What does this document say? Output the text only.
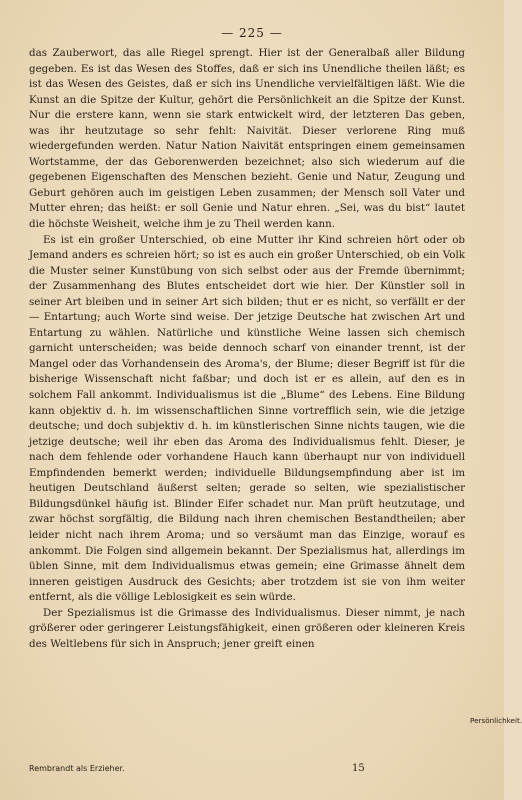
— 225 —

das Zauberwort, das alle Riegel sprengt. Hier ist der Generalbaß aller Bildung gegeben. Es ist das Wesen des Stoffes, daß er sich ins Unendliche theilen läßt; es ist das Wesen des Geistes, daß er sich ins Unendliche vervielfältigen läßt. Wie die Kunst an die Spitze der Kultur, gehört die Persönlichkeit an die Spitze der Kunst. Nur die erstere kann, wenn sie stark entwickelt wird, der letzteren Das geben, was ihr heutzutage so sehr fehlt: Naivität. Dieser verlorene Ring muß wiedergefunden werden. Natur Nation Naivität entspringen einem gemeinsamen Wortstamme, der das Geborenwerden bezeichnet; also sich wiederum auf die gegebenen Eigenschaften des Menschen bezieht. Genie und Natur, Zeugung und Geburt gehören auch im geistigen Leben zusammen; der Mensch soll Vater und Mutter ehren; das heißt: er soll Genie und Natur ehren. „Sei, was du bist“ lautet die höchste Weisheit, welche ihm je zu Theil werden kann.

Es ist ein großer Unterschied, ob eine Mutter ihr Kind schreien hört oder ob Jemand anders es schreien hört; so ist es auch ein großer Unterschied, ob ein Volk die Muster seiner Kunstübung von sich selbst oder aus der Fremde übernimmt; der Zusammenhang des Blutes entscheidet dort wie hier. Der Künstler soll in seiner Art bleiben und in seiner Art sich bilden; thut er es nicht, so verfällt er der — Entartung; auch Worte sind weise. Der jetzige Deutsche hat zwischen Art und Entartung zu wählen. Natürliche und künstliche Weine lassen sich chemisch garnicht unterscheiden; was beide dennoch scharf von einander trennt, ist der Mangel oder das Vorhandensein des Aroma's, der Blume; dieser Begriff ist für die bisherige Wissenschaft nicht faßbar; und doch ist er es allein, auf den es in solchem Fall ankommt. Individualismus ist die „Blume“ des Lebens. Eine Bildung kann objektiv d. h. im wissenschaftlichen Sinne vortrefflich sein, wie die jetzige deutsche; und doch subjektiv d. h. im künstlerischen Sinne nichts taugen, wie die jetzige deutsche; weil ihr eben das Aroma des Individualismus fehlt. Dieser, je nach dem fehlende oder vorhandene Hauch kann überhaupt nur von individuell Empfindenden bemerkt werden; individuelle Bildungsempfindung aber ist im heutigen Deutschland äußerst selten; gerade so selten, wie spezialistischer Bildungsdünkel häufig ist. Blinder Eifer schadet nur. Man prüft heutzutage, und zwar höchst sorgfältig, die Bildung nach ihren chemischen Bestandtheilen; aber leider nicht nach ihrem Aroma; und so versäumt man das Einzige, worauf es ankommt. Die Folgen sind allgemein bekannt. Der Spezialismus hat, allerdings im üblen Sinne, mit dem Individualismus etwas gemein; eine Grimasse ähnelt dem inneren geistigen Ausdruck des Gesichts; aber trotzdem ist sie von ihm weiter entfernt, als die völlige Leblosigkeit es sein würde.

Der Spezialismus ist die Grimasse des Individualismus. Dieser nimmt, je nach größerer oder geringerer Leistungsfähigkeit, einen größeren oder kleineren Kreis des Weltlebens für sich in Anspruch; jener greift einen

Persönlichkeit.
Rembrandt als Erzieher.	15
